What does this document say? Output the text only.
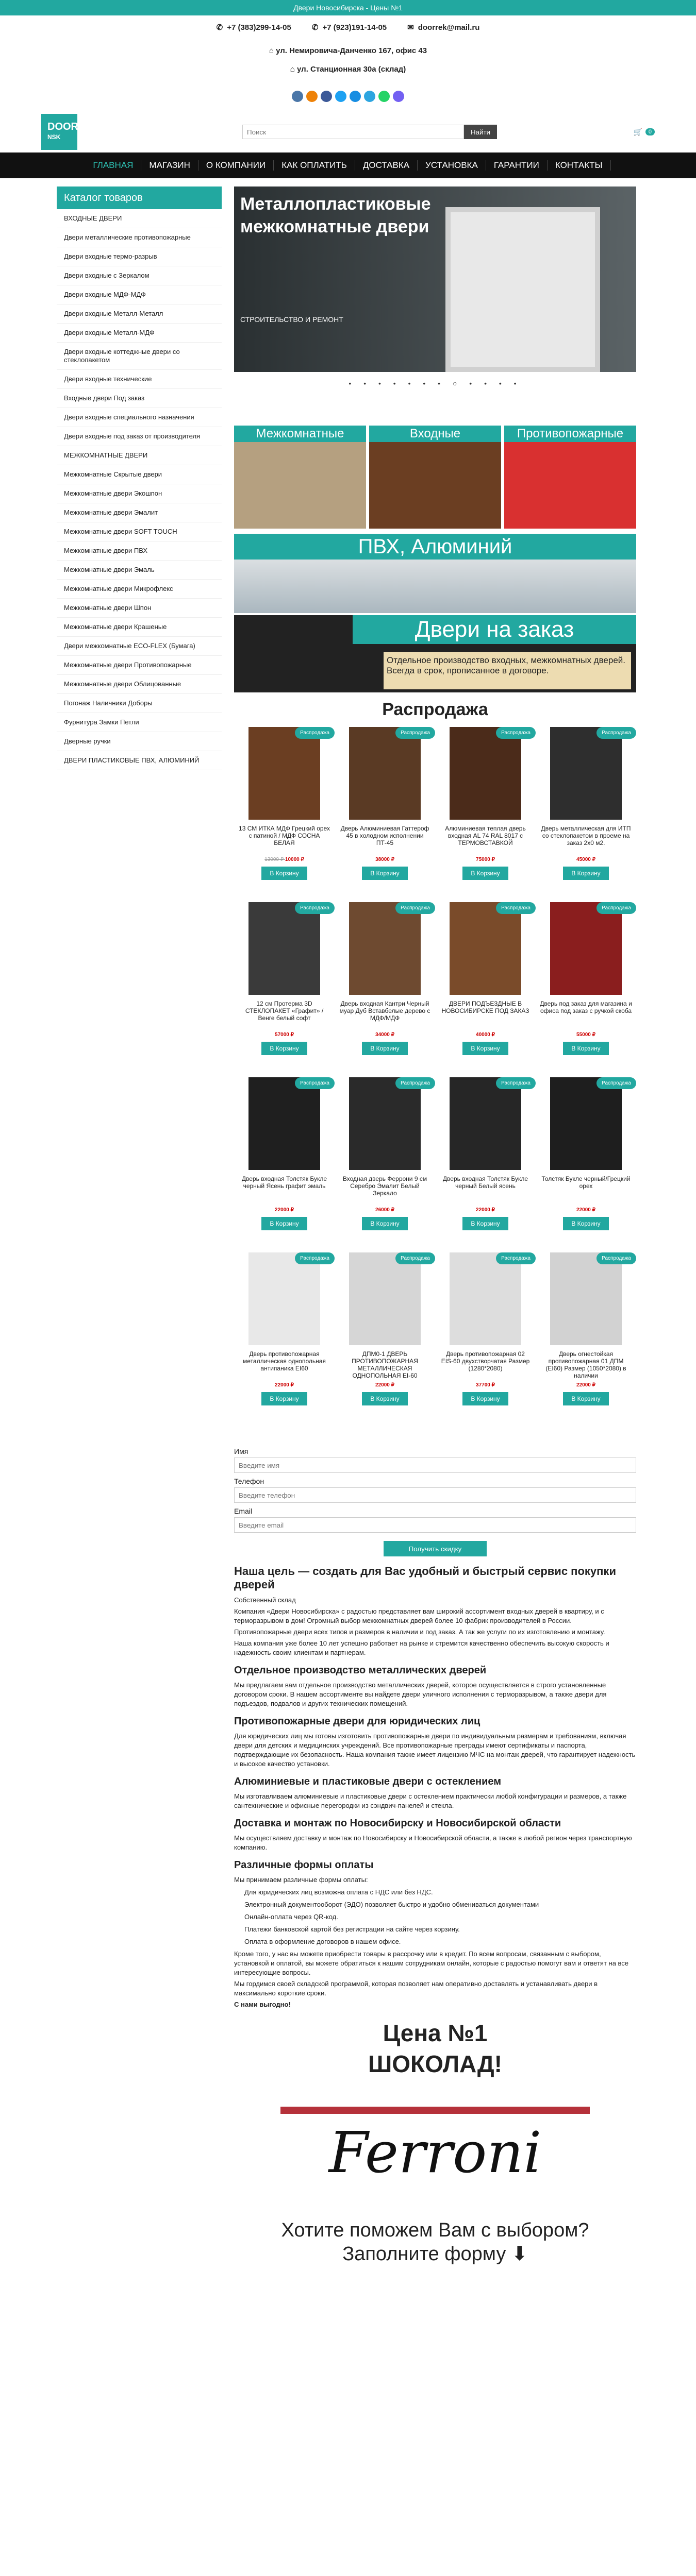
Двери Новосибирска - Цены №1
✆ +7 (383)299-14-05	✆ +7 (923)191-14-05	✉ doorrek@mail.ru
⌂ ул. Немировича-Данченко 167, офис 43
⌂ ул. Станционная 30а (склад)
DOOR
NSK
Поиск
Найти	🛒	0
ГЛАВНАЯ	МАГАЗИН	О КОМПАНИИ	КАК ОПЛАТИТЬ	ДОСТАВКА	УСТАНОВКА	ГАРАНТИИ	КОНТАКТЫ
Каталог товаров
ВХОДНЫЕ ДВЕРИ
Двери металлические противопожарные
Двери входные термо-разрыв
Двери входные с Зеркалом
Двери входные МДФ-МДФ
Двери входные Металл-Металл
Двери входные Металл-МДФ
Двери входные коттеджные двери со стеклопакетом
Двери входные технические
Входные двери Под заказ
Двери входные специального назначения
Двери входные под заказ от производителя
МЕЖКОМНАТНЫЕ ДВЕРИ
Межкомнатные Скрытые двери
Межкомнатные двери Экошпон
Межкомнатные двери Эмалит
Межкомнатные двери SOFT TOUCH
Межкомнатные двери ПВХ
Межкомнатные двери Эмаль
Межкомнатные двери Микрофлекс
Межкомнатные двери Шпон
Межкомнатные двери Крашеные
Двери межкомнатные ECO-FLEX (Бумага)
Межкомнатные двери Противопожарные
Межкомнатные двери Облицованные
Погонаж Наличники Доборы
Фурнитура Замки Петли
Дверные ручки
ДВЕРИ ПЛАСТИКОВЫЕ ПВХ, АЛЮМИНИЙ
Металлопластиковые межкомнатные двери
СТРОИТЕЛЬСТВО И РЕМОНТ
• • • • • • • ○ • • • •
Межкомнатные	Входные	Противопожарные
ПВХ, Алюминий
Двери на заказ
Отдельное производство входных, межкомнатных дверей. Всегда в срок, прописанное в договоре.
Распродажа
Распродажа
13 СМ ИТКА МДФ Грецкий орех с патиной / МДФ СОСНА БЕЛАЯ
13000 ₽ 10000 ₽
В Корзину
Распродажа
Дверь Алюминиевая Гаттероф 45 в холодном исполнении ПТ-45
38000 ₽
В Корзину
Распродажа
Алюминиевая теплая дверь входная AL 74 RAL 8017 с ТЕРМОВСТАВКОЙ
75000 ₽
В Корзину
Распродажа
Дверь металлическая для ИТП со стеклопакетом в проеме на заказ 2х0 м2.
45000 ₽
В Корзину
Распродажа
12 см Протерма 3D СТЕКЛОПАКЕТ «Графит» / Венге белый софт
57000 ₽
В Корзину
Распродажа
Дверь входная Кантри Черный муар Дуб Вставбелые дерево с МДФ/МДФ
34000 ₽
В Корзину
Распродажа
ДВЕРИ ПОДЪЕЗДНЫЕ В НОВОСИБИРСКЕ ПОД ЗАКАЗ
40000 ₽
В Корзину
Распродажа
Дверь под заказ для магазина и офиса под заказ с ручкой скоба
55000 ₽
В Корзину
Распродажа
Дверь входная Толстяк Букле черный Ясень графит эмаль
22000 ₽
В Корзину
Распродажа
Входная дверь Феррони 9 см Серебро Эмалит Белый Зеркало
26000 ₽
В Корзину
Распродажа
Дверь входная Толстяк Букле черный Белый ясень
22000 ₽
В Корзину
Распродажа
Толстяк Букле черный/Грецкий орех
22000 ₽
В Корзину
Распродажа
Дверь противопожарная металлическая однопольная антипаника EI60
22000 ₽
В Корзину
Распродажа
ДПМ0-1 ДВЕРЬ ПРОТИВОПОЖАРНАЯ МЕТАЛЛИЧЕСКАЯ ОДНОПОЛЬНАЯ EI-60
22000 ₽
В Корзину
Распродажа
Дверь противопожарная 02 EIS-60 двухстворчатая Размер (1280*2080)
37700 ₽
В Корзину
Распродажа
Дверь огнестойкая противопожарная 01 ДПМ (EI60) Размер (1050*2080) в наличии
22000 ₽
В Корзину
Имя
Введите имя
Телефон
Введите телефон
Email
Введите email
Получить скидку
Наша цель — создать для Вас удобный и быстрый сервис покупки дверей

Собственный склад

Компания «Двери Новосибирска» с радостью представляет вам широкий ассортимент входных дверей в квартиру, и с терморазрывом в дом! Огромный выбор межкомнатных дверей более 10 фабрик производителей в России.

Противопожарные двери всех типов и размеров в наличии и под заказ. А так же услуги по их изготовлению и монтажу.

Наша компания уже более 10 лет успешно работает на рынке и стремится качественно обеспечить высокую скорость и надежность своим клиентам и партнерам.

Отдельное производство металлических дверей

Мы предлагаем вам отдельное производство металлических дверей, которое осуществляется в строго установленные договором сроки. В нашем ассортименте вы найдете двери уличного исполнения с терморазрывом, а также двери для подъездов, подвалов и других технических помещений.

Противопожарные двери для юридических лиц

Для юридических лиц мы готовы изготовить противопожарные двери по индивидуальным размерам и требованиям, включая двери для детских и медицинских учреждений. Все противопожарные преграды имеют сертификаты и паспорта, подтверждающие их безопасность. Наша компания также имеет лицензию МЧС на монтаж дверей, что гарантирует надежность и высокое качество установки.

Алюминиевые и пластиковые двери с остеклением

Мы изготавливаем алюминиевые и пластиковые двери с остеклением практически любой конфигурации и размеров, а также сантехнические и офисные перегородки из сэндвич-панелей и стекла.

Доставка и монтаж по Новосибирску и Новосибирской области

Мы осуществляем доставку и монтаж по Новосибирску и Новосибирской области, а также в любой регион через транспортную компанию.

Различные формы оплаты

Мы принимаем различные формы оплаты:

Для юридических лиц возможна оплата с НДС или без НДС.
Электронный документооборот (ЭДО) позволяет быстро и удобно обмениваться документами
Онлайн-оплата через QR-код.
Платежи банковской картой без регистрации на сайте через корзину.
Оплата в оформление договоров в нашем офисе.

Кроме того, у нас вы можете приобрести товары в рассрочку или в кредит. По всем вопросам, связанным с выбором, установкой и оплатой, вы можете обратиться к нашим сотрудникам онлайн, которые с радостью помогут вам и ответят на все интересующие вопросы.

Мы гордимся своей складской программой, которая позволяет нам оперативно доставлять и устанавливать двери в максимально короткие сроки.

С нами выгодно!

Цена №1
ШОКОЛАД!
Ferroni
Хотите поможем Вам с выбором?
Заполните форму ⬇
